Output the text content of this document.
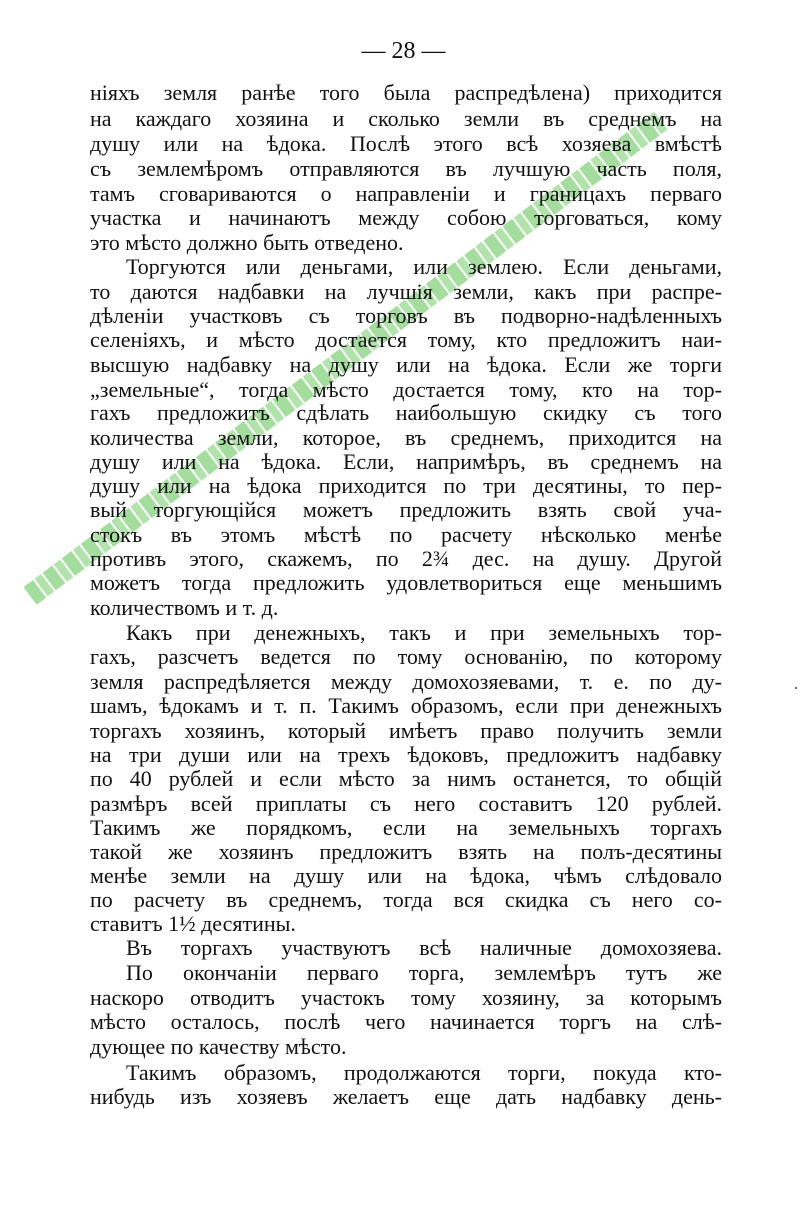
·
— 28 —
ніяхъ земля ранѣе того была распредѣлена) приходится
на каждаго хозяина и сколько земли въ среднемъ на
душу или на ѣдока. Послѣ этого всѣ хозяева вмѣстѣ
съ землемѣромъ отправляются въ лучшую часть поля,
тамъ сговариваются о направленіи и границахъ перваго
участка и начинаютъ между собою торговаться, кому
это мѣсто должно быть отведено.
Торгуются или деньгами, или землею. Если деньгами,
то даются надбавки на лучшія земли, какъ при распре-
дѣленіи участковъ съ торговъ въ подворно-надѣленныхъ
селеніяхъ, и мѣсто достается тому, кто предложитъ наи-
высшую надбавку на душу или на ѣдока. Если же торги
„земельные“, тогда мѣсто достается тому, кто на тор-
гахъ предложитъ сдѣлать наибольшую скидку съ того
количества земли, которое, въ среднемъ, приходится на
душу или на ѣдока. Если, напримѣръ, въ среднемъ на
душу или на ѣдока приходится по три десятины, то пер-
вый торгующійся можетъ предложить взять свой уча-
стокъ въ этомъ мѣстѣ по расчету нѣсколько менѣе
противъ этого, скажемъ, по 2¾ дес. на душу. Другой
можетъ тогда предложить удовлетвориться еще меньшимъ
количествомъ и т. д.
Какъ при денежныхъ, такъ и при земельныхъ тор-
гахъ, разсчетъ ведется по тому основанію, по которому
земля распредѣляется между домохозяевами, т. е. по ду-
шамъ, ѣдокамъ и т. п. Такимъ образомъ, если при денежныхъ
торгахъ хозяинъ, который имѣетъ право получить земли
на три души или на трехъ ѣдоковъ, предложитъ надбавку
по 40 рублей и если мѣсто за нимъ останется, то общій
размѣръ всей приплаты съ него составитъ 120 рублей.
Такимъ же порядкомъ, если на земельныхъ торгахъ
такой же хозяинъ предложитъ взять на полъ-десятины
менѣе земли на душу или на ѣдока, чѣмъ слѣдовало
по расчету въ среднемъ, тогда вся скидка съ него со-
ставитъ 1½ десятины.
Въ торгахъ участвуютъ всѣ наличные домохозяева.
По окончаніи перваго торга, землемѣръ тутъ же
наскоро отводитъ участокъ тому хозяину, за которымъ
мѣсто осталось, послѣ чего начинается торгъ на слѣ-
дующее по качеству мѣсто.
Такимъ образомъ, продолжаются торги, покуда кто-
нибудь изъ хозяевъ желаетъ еще дать надбавку день-
